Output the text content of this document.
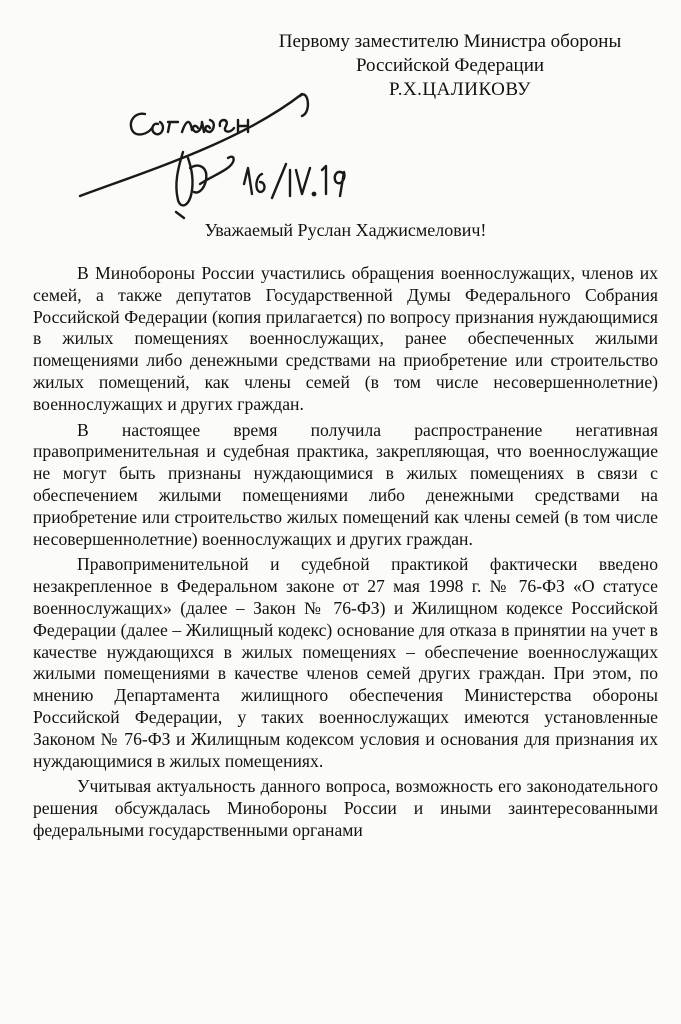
Первому заместителю Министра обороны
Российской Федерации
Р.Х.ЦАЛИКОВУ
Уважаемый Руслан Хаджисмелович!

В Минобороны России участились обращения военнослужащих, членов их семей, а также депутатов Государственной Думы Федерального Собрания Российской Федерации (копия прилагается) по вопросу признания нуждающимися в жилых помещениях военнослужащих, ранее обеспеченных жилыми помещениями либо денежными средствами на приобретение или строительство жилых помещений, как члены семей (в том числе несовершеннолетние) военнослужащих и других граждан.

В настоящее время получила распространение негативная правоприменительная и судебная практика, закрепляющая, что военнослужащие не могут быть признаны нуждающимися в жилых помещениях в связи с обеспечением жилыми помещениями либо денежными средствами на приобретение или строительство жилых помещений как члены семей (в том числе несовершеннолетние) военнослужащих и других граждан.

Правоприменительной и судебной практикой фактически введено незакрепленное в Федеральном законе от 27 мая 1998 г. № 76-ФЗ «О статусе военнослужащих» (далее – Закон № 76-ФЗ) и Жилищном кодексе Российской Федерации (далее – Жилищный кодекс) основание для отказа в принятии на учет в качестве нуждающихся в жилых помещениях – обеспечение военнослужащих жилыми помещениями в качестве членов семей других граждан. При этом, по мнению Департамента жилищного обеспечения Министерства обороны Российской Федерации, у таких военнослужащих имеются установленные Законом № 76-ФЗ и Жилищным кодексом условия и основания для признания их нуждающимися в жилых помещениях.

Учитывая актуальность данного вопроса, возможность его законодательного решения обсуждалась Минобороны России и иными заинтересованными федеральными государственными органами
